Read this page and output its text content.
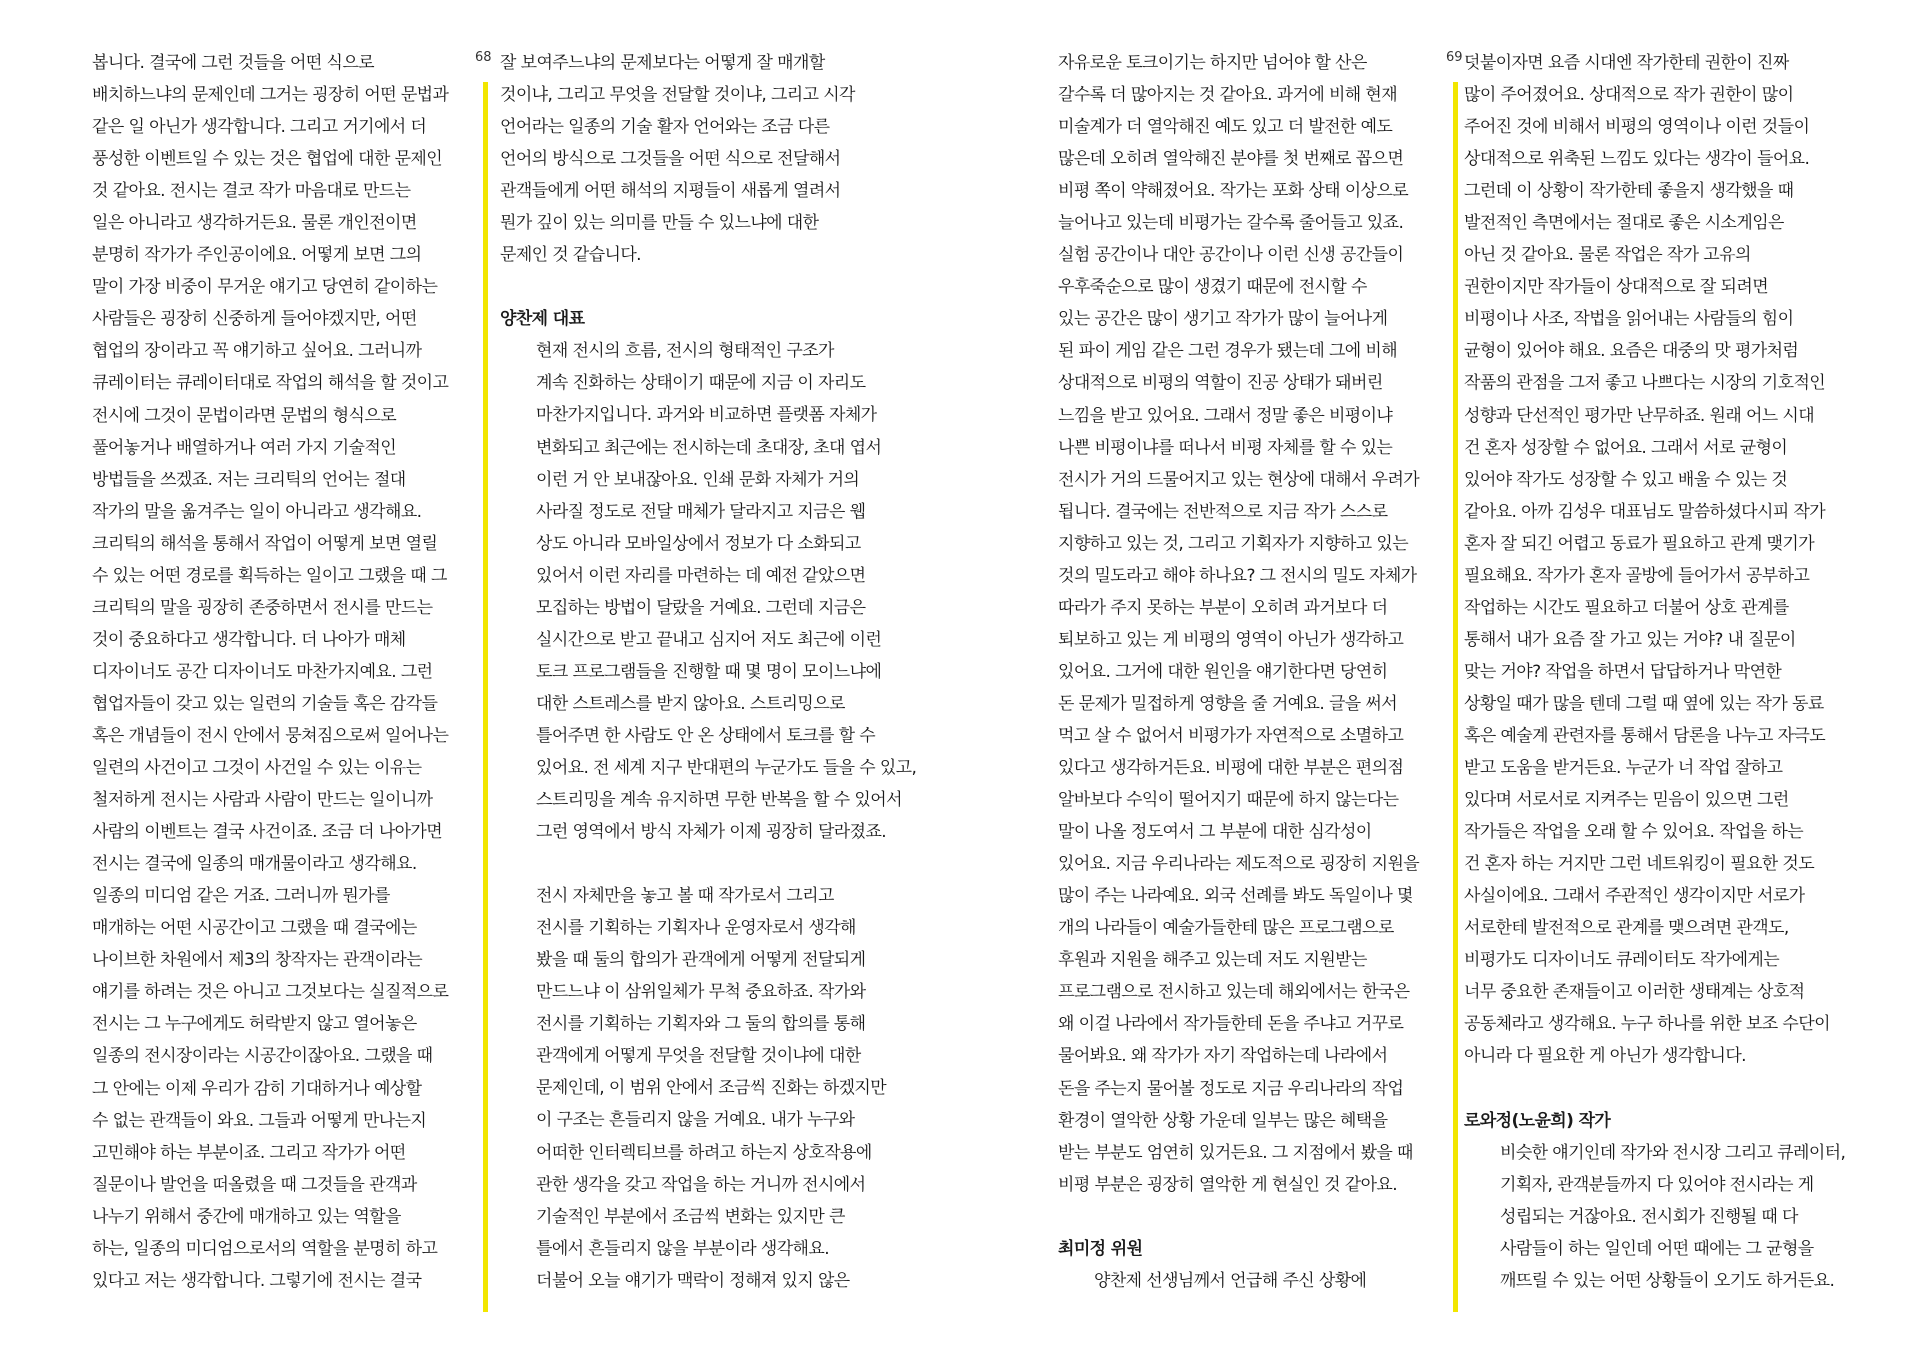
68	69

봅니다. 결국에 그런 것들을 어떤 식으로

배치하느냐의 문제인데 그거는 굉장히 어떤 문법과

같은 일 아닌가 생각합니다. 그리고 거기에서 더

풍성한 이벤트일 수 있는 것은 협업에 대한 문제인

것 같아요. 전시는 결코 작가 마음대로 만드는

일은 아니라고 생각하거든요. 물론 개인전이면

분명히 작가가 주인공이에요. 어떻게 보면 그의

말이 가장 비중이 무거운 얘기고 당연히 같이하는

사람들은 굉장히 신중하게 들어야겠지만, 어떤

협업의 장이라고 꼭 얘기하고 싶어요. 그러니까

큐레이터는 큐레이터대로 작업의 해석을 할 것이고

전시에 그것이 문법이라면 문법의 형식으로

풀어놓거나 배열하거나 여러 가지 기술적인

방법들을 쓰겠죠. 저는 크리틱의 언어는 절대

작가의 말을 옮겨주는 일이 아니라고 생각해요.

크리틱의 해석을 통해서 작업이 어떻게 보면 열릴

수 있는 어떤 경로를 획득하는 일이고 그랬을 때 그

크리틱의 말을 굉장히 존중하면서 전시를 만드는

것이 중요하다고 생각합니다. 더 나아가 매체

디자이너도 공간 디자이너도 마찬가지예요. 그런

협업자들이 갖고 있는 일련의 기술들 혹은 감각들

혹은 개념들이 전시 안에서 뭉쳐짐으로써 일어나는

일련의 사건이고 그것이 사건일 수 있는 이유는

철저하게 전시는 사람과 사람이 만드는 일이니까

사람의 이벤트는 결국 사건이죠. 조금 더 나아가면

전시는 결국에 일종의 매개물이라고 생각해요.

일종의 미디엄 같은 거죠. 그러니까 뭔가를

매개하는 어떤 시공간이고 그랬을 때 결국에는

나이브한 차원에서 제3의 창작자는 관객이라는

얘기를 하려는 것은 아니고 그것보다는 실질적으로

전시는 그 누구에게도 허락받지 않고 열어놓은

일종의 전시장이라는 시공간이잖아요. 그랬을 때

그 안에는 이제 우리가 감히 기대하거나 예상할

수 없는 관객들이 와요. 그들과 어떻게 만나는지

고민해야 하는 부분이죠. 그리고 작가가 어떤

질문이나 발언을 떠올렸을 때 그것들을 관객과

나누기 위해서 중간에 매개하고 있는 역할을

하는, 일종의 미디엄으로서의 역할을 분명히 하고

있다고 저는 생각합니다. 그렇기에 전시는 결국

잘 보여주느냐의 문제보다는 어떻게 잘 매개할

것이냐, 그리고 무엇을 전달할 것이냐, 그리고 시각

언어라는 일종의 기술 활자 언어와는 조금 다른

언어의 방식으로 그것들을 어떤 식으로 전달해서

관객들에게 어떤 해석의 지평들이 새롭게 열려서

뭔가 깊이 있는 의미를 만들 수 있느냐에 대한

문제인 것 같습니다.

양찬제 대표

현재 전시의 흐름, 전시의 형태적인 구조가

계속 진화하는 상태이기 때문에 지금 이 자리도

마찬가지입니다. 과거와 비교하면 플랫폼 자체가

변화되고 최근에는 전시하는데 초대장, 초대 엽서

이런 거 안 보내잖아요. 인쇄 문화 자체가 거의

사라질 정도로 전달 매체가 달라지고 지금은 웹

상도 아니라 모바일상에서 정보가 다 소화되고

있어서 이런 자리를 마련하는 데 예전 같았으면

모집하는 방법이 달랐을 거예요. 그런데 지금은

실시간으로 받고 끝내고 심지어 저도 최근에 이런

토크 프로그램들을 진행할 때 몇 명이 모이느냐에

대한 스트레스를 받지 않아요. 스트리밍으로

틀어주면 한 사람도 안 온 상태에서 토크를 할 수

있어요. 전 세계 지구 반대편의 누군가도 들을 수 있고,

스트리밍을 계속 유지하면 무한 반복을 할 수 있어서

그런 영역에서 방식 자체가 이제 굉장히 달라졌죠.

전시 자체만을 놓고 볼 때 작가로서 그리고

전시를 기획하는 기획자나 운영자로서 생각해

봤을 때 둘의 합의가 관객에게 어떻게 전달되게

만드느냐 이 삼위일체가 무척 중요하죠. 작가와

전시를 기획하는 기획자와 그 둘의 합의를 통해

관객에게 어떻게 무엇을 전달할 것이냐에 대한

문제인데, 이 범위 안에서 조금씩 진화는 하겠지만

이 구조는 흔들리지 않을 거예요. 내가 누구와

어떠한 인터렉티브를 하려고 하는지 상호작용에

관한 생각을 갖고 작업을 하는 거니까 전시에서

기술적인 부분에서 조금씩 변화는 있지만 큰

틀에서 흔들리지 않을 부분이라 생각해요.

더불어 오늘 얘기가 맥락이 정해져 있지 않은

자유로운 토크이기는 하지만 넘어야 할 산은

갈수록 더 많아지는 것 같아요. 과거에 비해 현재

미술계가 더 열악해진 예도 있고 더 발전한 예도

많은데 오히려 열악해진 분야를 첫 번째로 꼽으면

비평 쪽이 약해졌어요. 작가는 포화 상태 이상으로

늘어나고 있는데 비평가는 갈수록 줄어들고 있죠.

실험 공간이나 대안 공간이나 이런 신생 공간들이

우후죽순으로 많이 생겼기 때문에 전시할 수

있는 공간은 많이 생기고 작가가 많이 늘어나게

된 파이 게임 같은 그런 경우가 됐는데 그에 비해

상대적으로 비평의 역할이 진공 상태가 돼버린

느낌을 받고 있어요. 그래서 정말 좋은 비평이냐

나쁜 비평이냐를 떠나서 비평 자체를 할 수 있는

전시가 거의 드물어지고 있는 현상에 대해서 우려가

됩니다. 결국에는 전반적으로 지금 작가 스스로

지향하고 있는 것, 그리고 기획자가 지향하고 있는

것의 밀도라고 해야 하나요? 그 전시의 밀도 자체가

따라가 주지 못하는 부분이 오히려 과거보다 더

퇴보하고 있는 게 비평의 영역이 아닌가 생각하고

있어요. 그거에 대한 원인을 얘기한다면 당연히

돈 문제가 밀접하게 영향을 줄 거예요. 글을 써서

먹고 살 수 없어서 비평가가 자연적으로 소멸하고

있다고 생각하거든요. 비평에 대한 부분은 편의점

알바보다 수익이 떨어지기 때문에 하지 않는다는

말이 나올 정도여서 그 부분에 대한 심각성이

있어요. 지금 우리나라는 제도적으로 굉장히 지원을

많이 주는 나라예요. 외국 선례를 봐도 독일이나 몇

개의 나라들이 예술가들한테 많은 프로그램으로

후원과 지원을 해주고 있는데 저도 지원받는

프로그램으로 전시하고 있는데 해외에서는 한국은

왜 이걸 나라에서 작가들한테 돈을 주냐고 거꾸로

물어봐요. 왜 작가가 자기 작업하는데 나라에서

돈을 주는지 물어볼 정도로 지금 우리나라의 작업

환경이 열악한 상황 가운데 일부는 많은 혜택을

받는 부분도 엄연히 있거든요. 그 지점에서 봤을 때

비평 부분은 굉장히 열악한 게 현실인 것 같아요.

최미정 위원

양찬제 선생님께서 언급해 주신 상황에

덧붙이자면 요즘 시대엔 작가한테 권한이 진짜

많이 주어졌어요. 상대적으로 작가 권한이 많이

주어진 것에 비해서 비평의 영역이나 이런 것들이

상대적으로 위축된 느낌도 있다는 생각이 들어요.

그런데 이 상황이 작가한테 좋을지 생각했을 때

발전적인 측면에서는 절대로 좋은 시소게임은

아닌 것 같아요. 물론 작업은 작가 고유의

권한이지만 작가들이 상대적으로 잘 되려면

비평이나 사조, 작법을 읽어내는 사람들의 힘이

균형이 있어야 해요. 요즘은 대중의 맛 평가처럼

작품의 관점을 그저 좋고 나쁘다는 시장의 기호적인

성향과 단선적인 평가만 난무하죠. 원래 어느 시대

건 혼자 성장할 수 없어요. 그래서 서로 균형이

있어야 작가도 성장할 수 있고 배울 수 있는 것

같아요. 아까 김성우 대표님도 말씀하셨다시피 작가

혼자 잘 되긴 어렵고 동료가 필요하고 관계 맺기가

필요해요. 작가가 혼자 골방에 들어가서 공부하고

작업하는 시간도 필요하고 더불어 상호 관계를

통해서 내가 요즘 잘 가고 있는 거야? 내 질문이

맞는 거야? 작업을 하면서 답답하거나 막연한

상황일 때가 많을 텐데 그럴 때 옆에 있는 작가 동료

혹은 예술계 관련자를 통해서 담론을 나누고 자극도

받고 도움을 받거든요. 누군가 너 작업 잘하고

있다며 서로서로 지켜주는 믿음이 있으면 그런

작가들은 작업을 오래 할 수 있어요. 작업을 하는

건 혼자 하는 거지만 그런 네트워킹이 필요한 것도

사실이에요. 그래서 주관적인 생각이지만 서로가

서로한테 발전적으로 관계를 맺으려면 관객도,

비평가도 디자이너도 큐레이터도 작가에게는

너무 중요한 존재들이고 이러한 생태계는 상호적

공동체라고 생각해요. 누구 하나를 위한 보조 수단이

아니라 다 필요한 게 아닌가 생각합니다.

로와정(노윤희) 작가

비슷한 얘기인데 작가와 전시장 그리고 큐레이터,

기획자, 관객분들까지 다 있어야 전시라는 게

성립되는 거잖아요. 전시회가 진행될 때 다

사람들이 하는 일인데 어떤 때에는 그 균형을

깨뜨릴 수 있는 어떤 상황들이 오기도 하거든요.
